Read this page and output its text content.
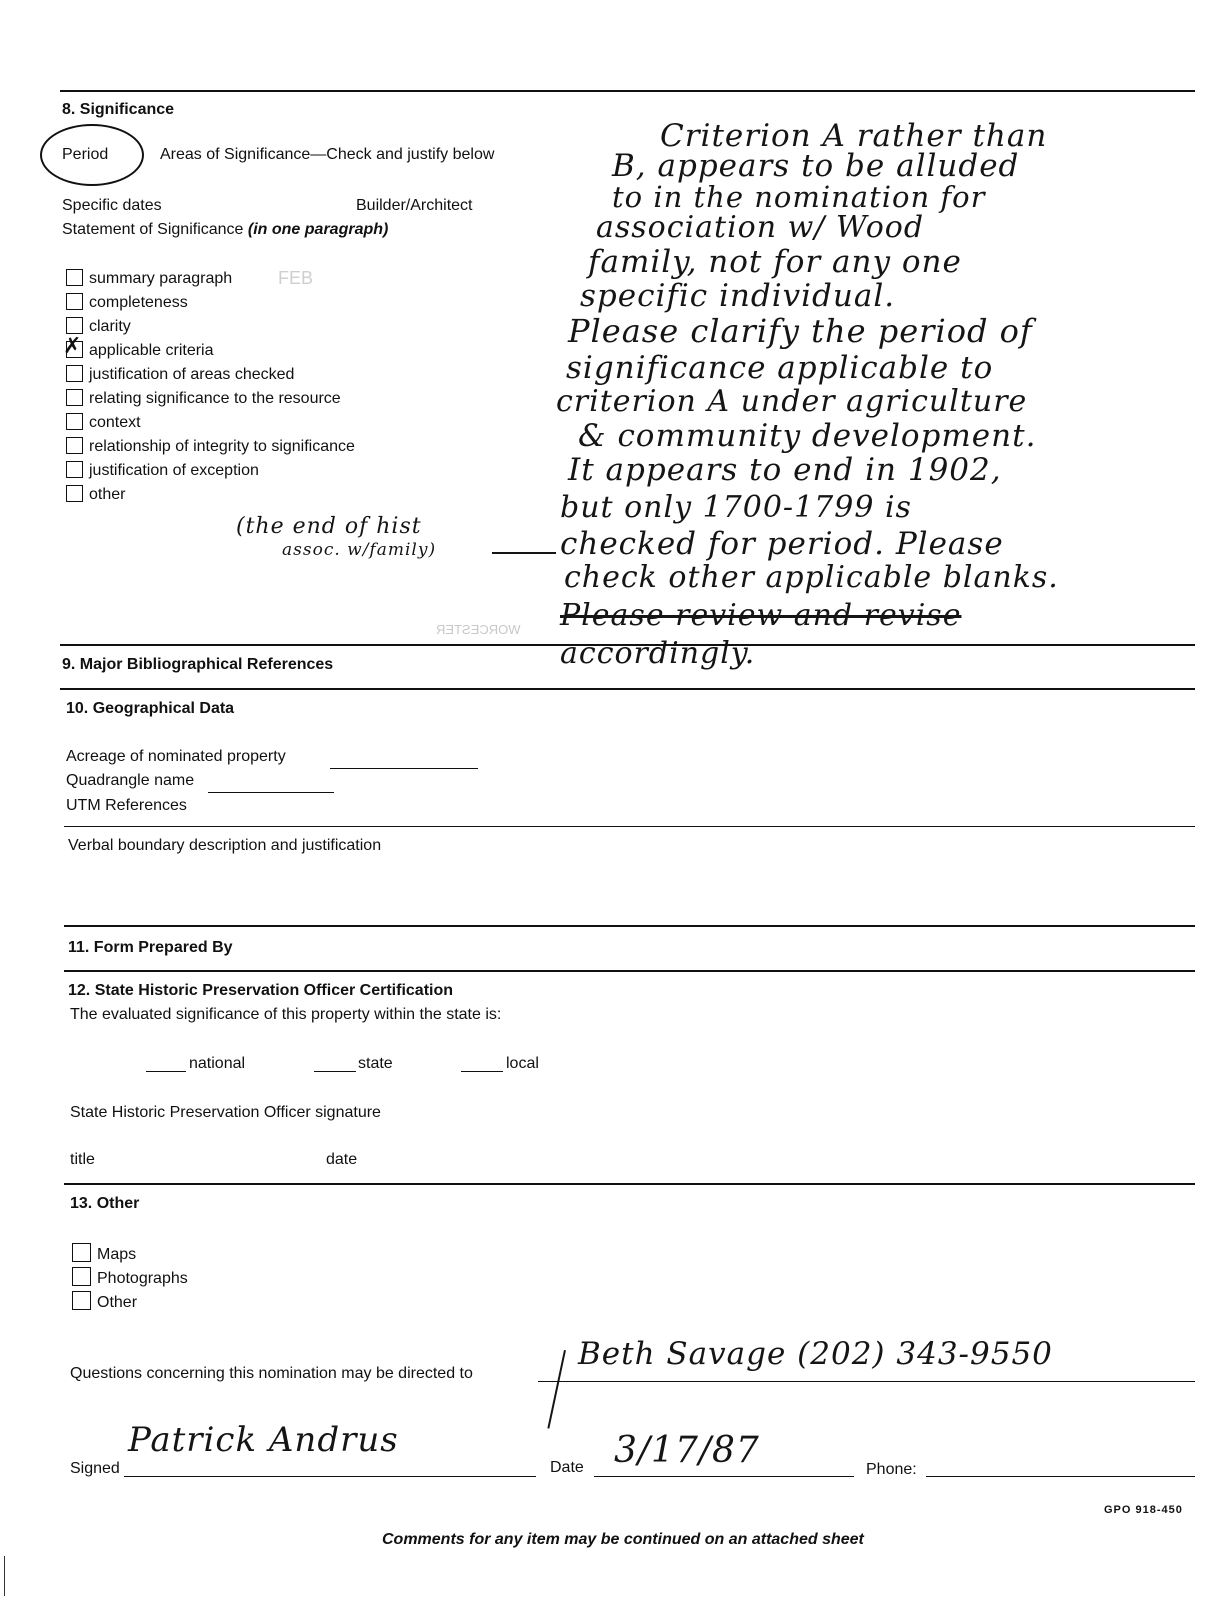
8. Significance
Period	Areas of Significance—Check and justify below
Specific dates	Builder/Architect
Statement of Significance (in one paragraph)
summary paragraph
completeness
clarity
✗ applicable criteria
justification of areas checked
relating significance to the resource
context
relationship of integrity to significance
justification of exception
other
FEB
(the end of hist
assoc. w/family)
Criterion A rather than
B, appears to be alluded
to in the nomination for
association w/ Wood
family, not for any one
specific individual.
Please clarify the period of
significance applicable to
criterion A under agriculture
& community development.
It appears to end in 1902,
but only 1700-1799 is
checked for period. Please
check other applicable blanks.
Please review and revise
accordingly.
WORCESTER
9. Major Bibliographical References
10. Geographical Data
Acreage of nominated property
Quadrangle name
UTM References
Verbal boundary description and justification
11. Form Prepared By
12. State Historic Preservation Officer Certification
The evaluated significance of this property within the state is:
national	state	local
State Historic Preservation Officer signature
title	date
13. Other
Maps
Photographs
Other
Questions concerning this nomination may be directed to
Beth Savage (202) 343-9550
Signed
Patrick Andrus
Date 3/17/87	Phone:
GPO 918-450
Comments for any item may be continued on an attached sheet
